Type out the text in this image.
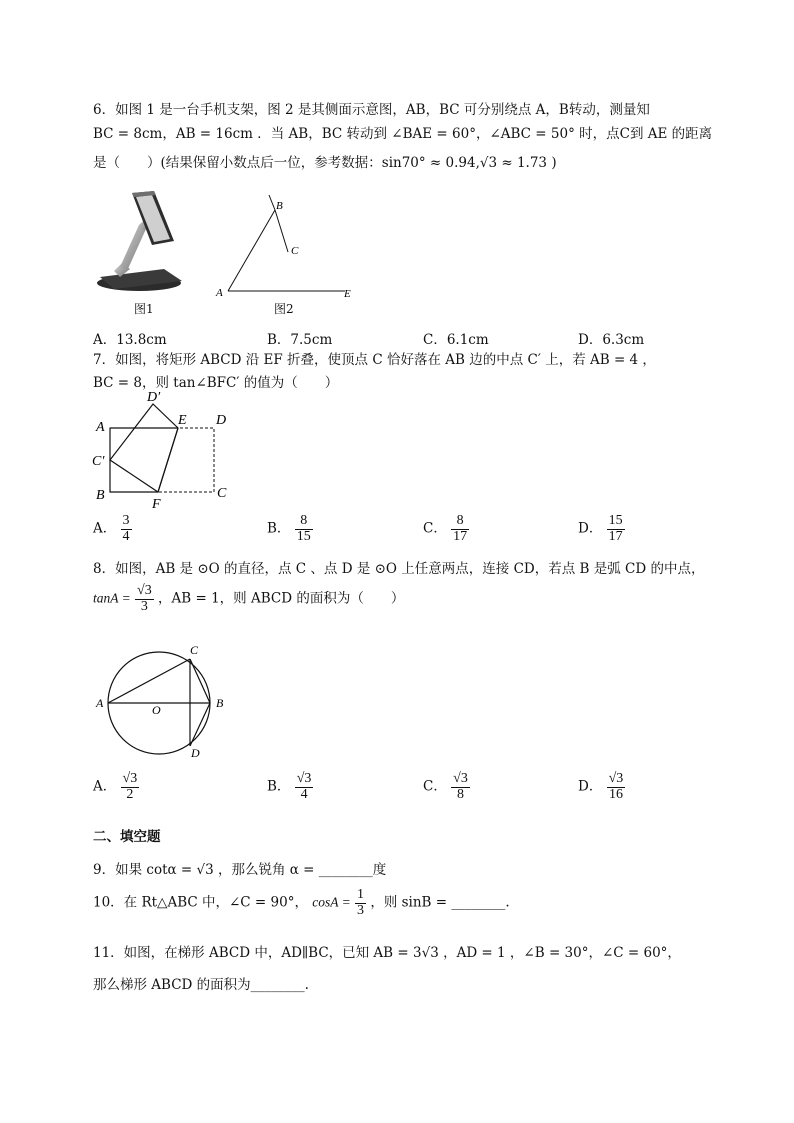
6．如图 1 是一台手机支架，图 2 是其侧面示意图，AB，BC 可分别绕点 A，B转动，测量知
BC = 8cm，AB = 16cm ．当 AB，BC 转动到 ∠BAE = 60°，∠ABC = 50° 时，点C到 AE 的距离
是（　　）(结果保留小数点后一位，参考数据：sin70° ≈ 0.94,√3 ≈ 1.73 )
图1
A
B
C
E
图2
A．13.8cm	B．7.5cm	C．6.1cm	D．6.3cm
7．如图，将矩形 ABCD 沿 EF 折叠，使顶点 C 恰好落在 AB 边的中点 C′ 上，若 AB = 4 ，
BC = 8，则 tan∠BFC′ 的值为（　　）
A
C′
B
F
C
D
E
D′
A． $\frac{3}{4}$	B． $\frac{8}{15}$	C． $\frac{8}{17}$	D． $\frac{15}{17}$
8．如图，AB 是 ⊙O 的直径，点 C 、点 D 是 ⊙O 上任意两点，连接 CD，若点 B 是弧 CD 的中点，
$\tan A = \frac{√3}{3}$ ，AB = 1，则 ABCD 的面积为（　　）
A	O	B
C
D
A． $\frac{√3}{2}$	B． $\frac{√3}{4}$	C． $\frac{√3}{8}$	D． $\frac{√3}{16}$
二、填空题
9．如果 cotα = √3 ，那么锐角 α = ________度
10．在 Rt△ABC 中，∠C = 90°， $\cos A = \frac{1}{3}$ ，则 sinB = ________.
11．如图，在梯形 ABCD 中，AD∥BC，已知 AB = 3√3 ，AD = 1 ，∠B = 30°，∠C = 60°，
那么梯形 ABCD 的面积为________.
